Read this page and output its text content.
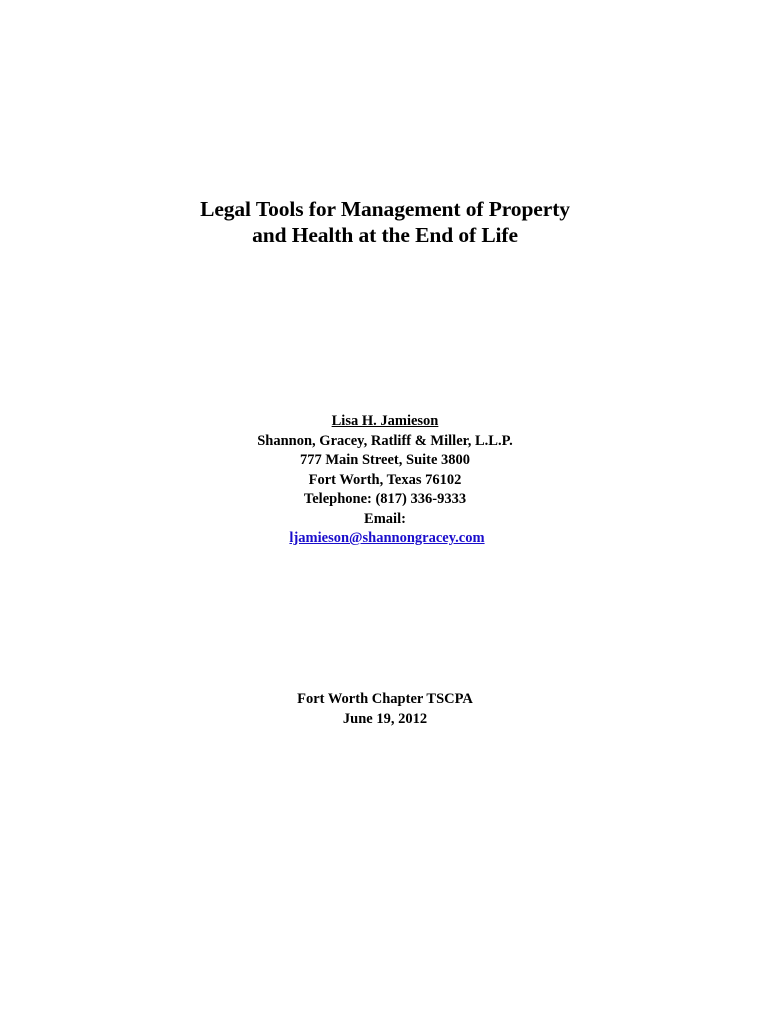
Legal Tools for Management of Property
and Health at the End of Life
Lisa H. Jamieson
Shannon, Gracey, Ratliff & Miller, L.L.P.
777 Main Street, Suite 3800
Fort Worth, Texas 76102
Telephone: (817) 336-9333
Email:
ljamieson@shannongracey.com
Fort Worth Chapter TSCPA
June 19, 2012
